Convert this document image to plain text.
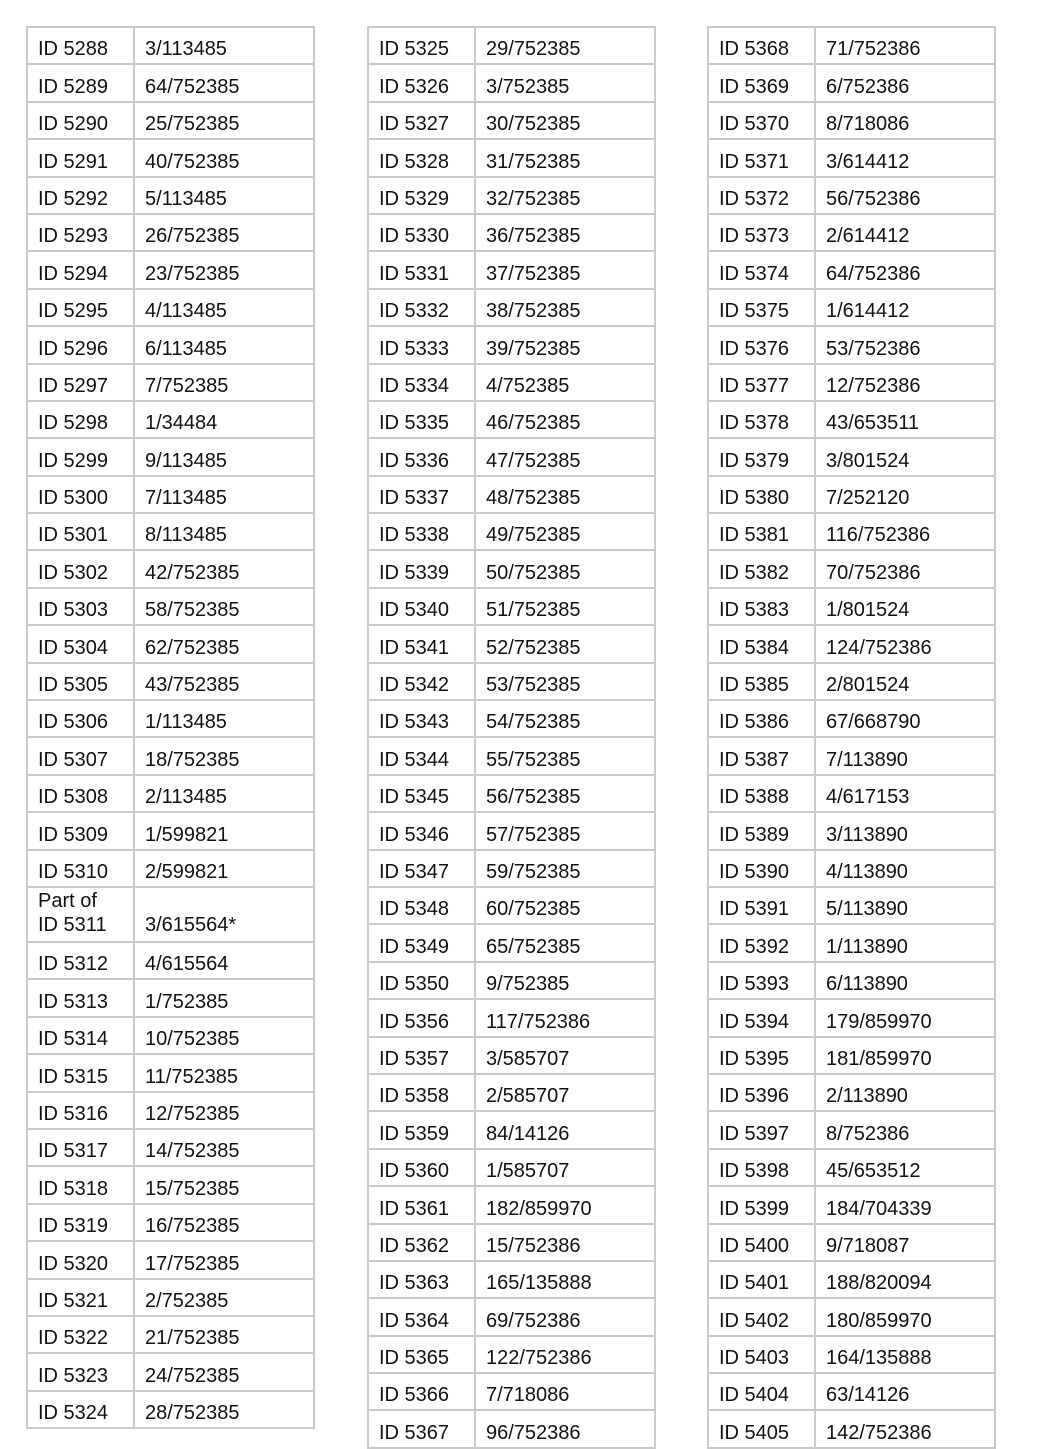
ID 5288	3/113485
ID 5289	64/752385
ID 5290	25/752385
ID 5291	40/752385
ID 5292	5/113485
ID 5293	26/752385
ID 5294	23/752385
ID 5295	4/113485
ID 5296	6/113485
ID 5297	7/752385
ID 5298	1/34484
ID 5299	9/113485
ID 5300	7/113485
ID 5301	8/113485
ID 5302	42/752385
ID 5303	58/752385
ID 5304	62/752385
ID 5305	43/752385
ID 5306	1/113485
ID 5307	18/752385
ID 5308	2/113485
ID 5309	1/599821
ID 5310	2/599821

Part of
ID 5311	3/615564*
ID 5312	4/615564
ID 5313	1/752385
ID 5314	10/752385
ID 5315	11/752385
ID 5316	12/752385
ID 5317	14/752385
ID 5318	15/752385
ID 5319	16/752385
ID 5320	17/752385
ID 5321	2/752385
ID 5322	21/752385
ID 5323	24/752385
ID 5324	28/752385
ID 5325	29/752385
ID 5326	3/752385
ID 5327	30/752385
ID 5328	31/752385
ID 5329	32/752385
ID 5330	36/752385
ID 5331	37/752385
ID 5332	38/752385
ID 5333	39/752385
ID 5334	4/752385
ID 5335	46/752385
ID 5336	47/752385
ID 5337	48/752385
ID 5338	49/752385
ID 5339	50/752385
ID 5340	51/752385
ID 5341	52/752385
ID 5342	53/752385
ID 5343	54/752385
ID 5344	55/752385
ID 5345	56/752385
ID 5346	57/752385
ID 5347	59/752385
ID 5348	60/752385
ID 5349	65/752385
ID 5350	9/752385
ID 5356	117/752386
ID 5357	3/585707
ID 5358	2/585707
ID 5359	84/14126
ID 5360	1/585707
ID 5361	182/859970
ID 5362	15/752386
ID 5363	165/135888
ID 5364	69/752386
ID 5365	122/752386
ID 5366	7/718086
ID 5367	96/752386
ID 5368	71/752386
ID 5369	6/752386
ID 5370	8/718086
ID 5371	3/614412
ID 5372	56/752386
ID 5373	2/614412
ID 5374	64/752386
ID 5375	1/614412
ID 5376	53/752386
ID 5377	12/752386
ID 5378	43/653511
ID 5379	3/801524
ID 5380	7/252120
ID 5381	116/752386
ID 5382	70/752386
ID 5383	1/801524
ID 5384	124/752386
ID 5385	2/801524
ID 5386	67/668790
ID 5387	7/113890
ID 5388	4/617153
ID 5389	3/113890
ID 5390	4/113890
ID 5391	5/113890
ID 5392	1/113890
ID 5393	6/113890
ID 5394	179/859970
ID 5395	181/859970
ID 5396	2/113890
ID 5397	8/752386
ID 5398	45/653512
ID 5399	184/704339
ID 5400	9/718087
ID 5401	188/820094
ID 5402	180/859970
ID 5403	164/135888
ID 5404	63/14126
ID 5405	142/752386
